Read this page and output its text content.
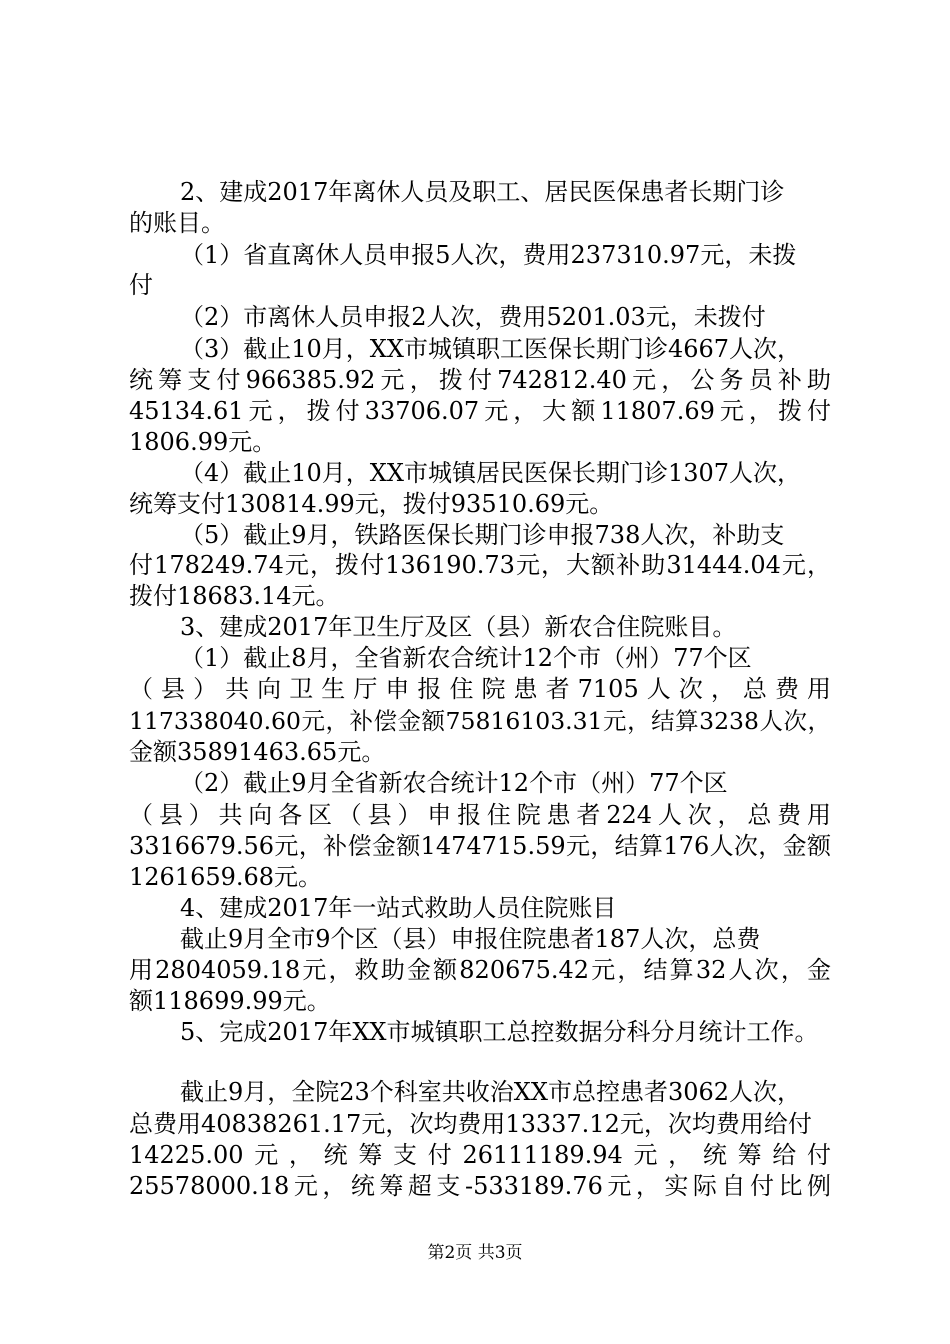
2、建成2017年离休人员及职工、居民医保患者长期门诊
的账目。
（1）省直离休人员申报5人次，费用237310.97元，未拨
付
（2）市离休人员申报2人次，费用5201.03元，未拨付
（3）截止10月，XX市城镇职工医保长期门诊4667人次，
统筹支付966385.92元，拨付742812.40元，公务员补助
45134.61元，拨付33706.07元，大额11807.69元，拨付
1806.99元。
（4）截止10月，XX市城镇居民医保长期门诊1307人次，
统筹支付130814.99元，拨付93510.69元。
（5）截止9月，铁路医保长期门诊申报738人次，补助支
付178249.74元，拨付136190.73元，大额补助31444.04元，
拨付18683.14元。
3、建成2017年卫生厅及区（县）新农合住院账目。
（1）截止8月，全省新农合统计12个市（州）77个区
（县）共向卫生厅申报住院患者7105人次，总费用
117338040.60元，补偿金额75816103.31元，结算3238人次，
金额35891463.65元。
（2）截止9月全省新农合统计12个市（州）77个区
（县）共向各区（县）申报住院患者224人次，总费用
3316679.56元，补偿金额1474715.59元，结算176人次，金额
1261659.68元。
4、建成2017年一站式救助人员住院账目
截止9月全市9个区（县）申报住院患者187人次，总费
用2804059.18元，救助金额820675.42元，结算32人次，金
额118699.99元。
5、完成2017年XX市城镇职工总控数据分科分月统计工作。
截止9月，全院23个科室共收治XX市总控患者3062人次，
总费用40838261.17元，次均费用13337.12元，次均费用给付
14225.00元，统筹支付26111189.94元，统筹给付
25578000.18元，统筹超支-533189.76元，实际自付比例
第2页 共3页
